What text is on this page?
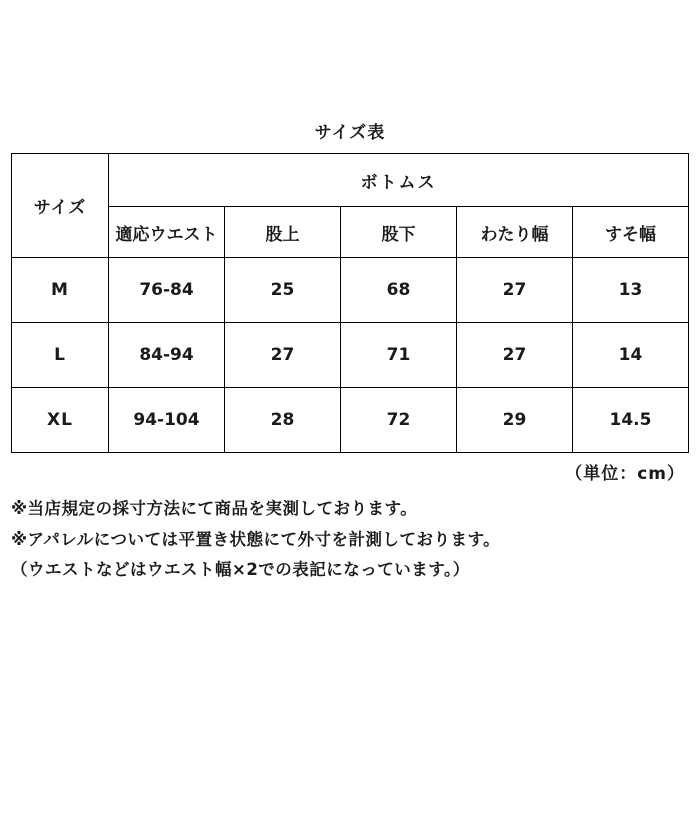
サイズ表
サイズ	ボトムス				
	適応ウエスト	股上	股下	わたり幅	すそ幅
M	76-84	25	68	27	13
L	84-94	27	71	27	14
XL	94-104	28	72	29	14.5
（単位：cm）
※当店規定の採寸方法にて商品を実測しております。
※アパレルについては平置き状態にて外寸を計測しております。
（ウエストなどはウエスト幅×2での表記になっています。）
